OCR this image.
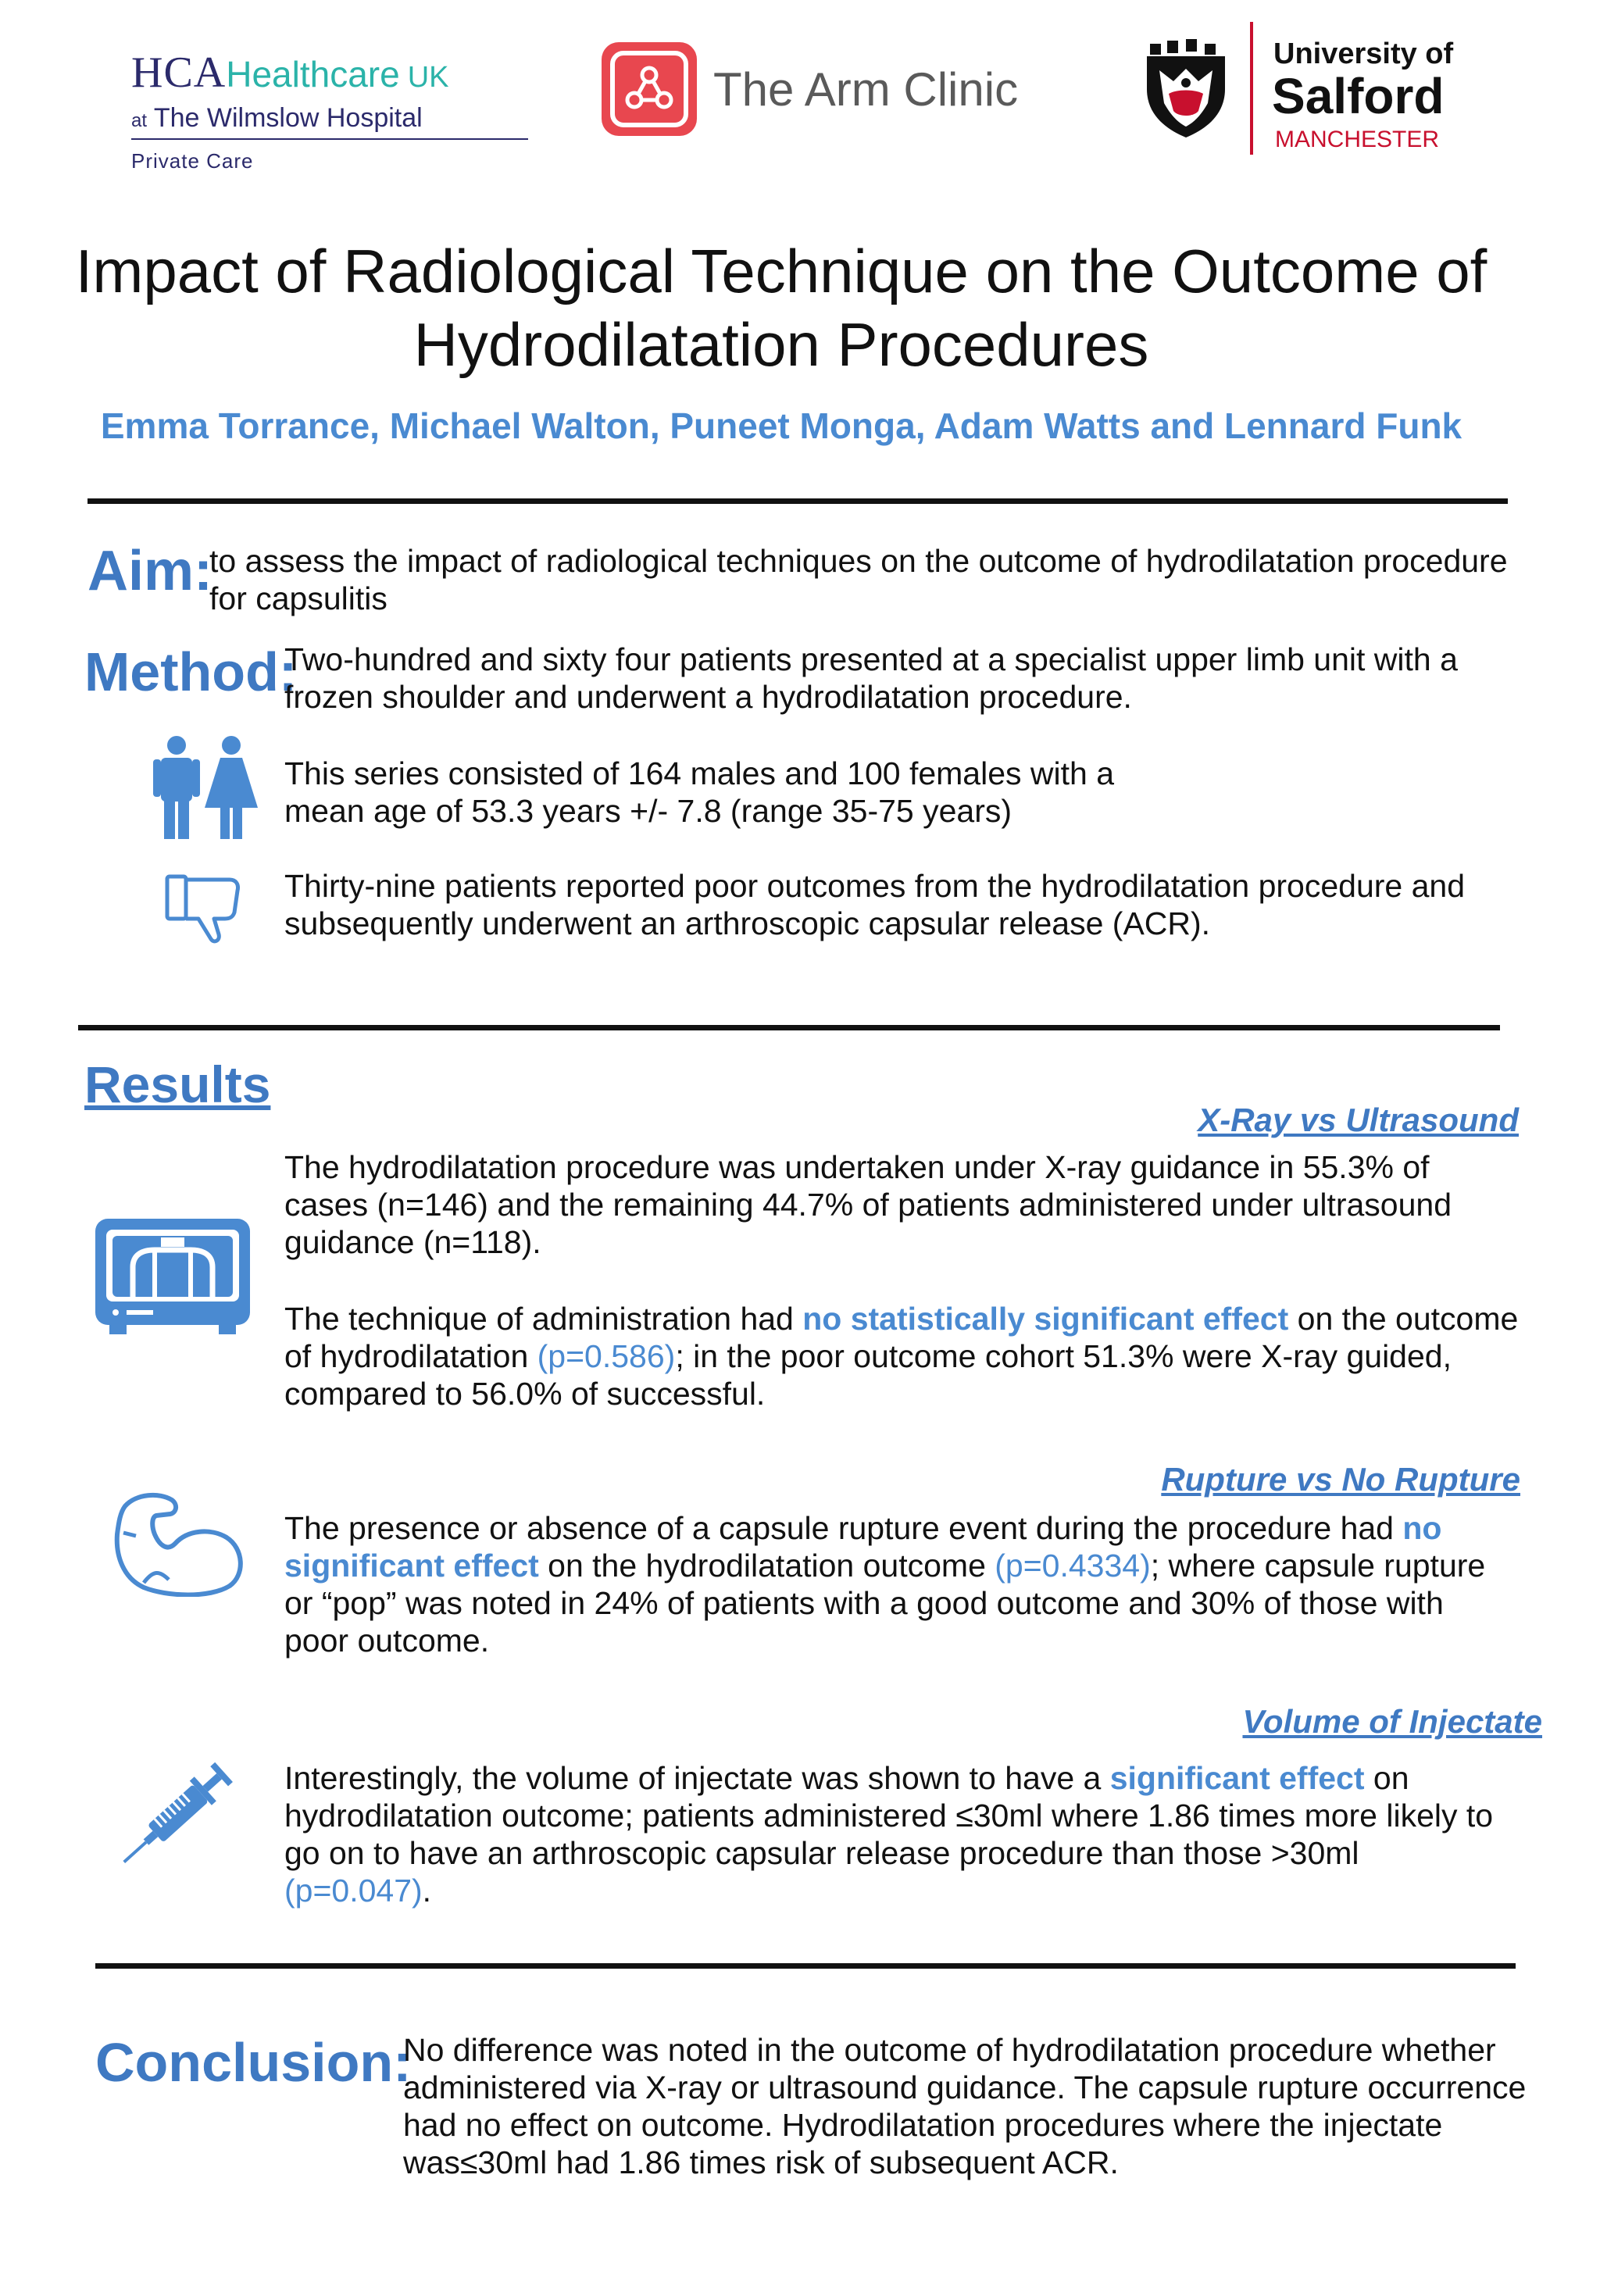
HCAHealthcare UK
at The Wilmslow Hospital
Private Care
The Arm Clinic
University of
Salford
MANCHESTER
Impact of Radiological Technique on the Outcome of
Hydrodilatation Procedures
Emma Torrance, Michael Walton, Puneet Monga, Adam Watts and Lennard Funk
Aim:
to assess the impact of radiological techniques on the outcome of hydrodilatation procedure for capsulitis
Method:
Two-hundred and sixty four patients presented at a specialist upper limb unit with a frozen shoulder and underwent a hydrodilatation procedure.
This series consisted of 164 males and 100 females with a mean age of 53.3 years +/- 7.8 (range 35-75 years)
Thirty-nine patients reported poor outcomes from the hydrodilatation procedure and subsequently underwent an arthroscopic capsular release (ACR).
Results
X-Ray vs Ultrasound
The hydrodilatation procedure was undertaken under X-ray guidance in 55.3% of cases (n=146) and the remaining 44.7% of patients administered under ultrasound guidance (n=118).
The technique of administration had no statistically significant effect on the outcome of hydrodilatation (p=0.586); in the poor outcome cohort 51.3% were X-ray guided, compared to 56.0% of successful.
Rupture vs No Rupture
The presence or absence of a capsule rupture event during the procedure had no significant effect on the hydrodilatation outcome (p=0.4334); where capsule rupture or “pop” was noted in 24% of patients with a good outcome and 30% of those with poor outcome.
Volume of Injectate
Interestingly, the volume of injectate was shown to have a significant effect on hydrodilatation outcome; patients administered ≤30ml where 1.86 times more likely to go on to have an arthroscopic capsular release procedure than those >30ml (p=0.047).
Conclusion:
No difference was noted in the outcome of hydrodilatation procedure whether administered via X-ray or ultrasound guidance. The capsule rupture occurrence had no effect on outcome. Hydrodilatation procedures where the injectate was≤30ml had 1.86 times risk of subsequent ACR.
